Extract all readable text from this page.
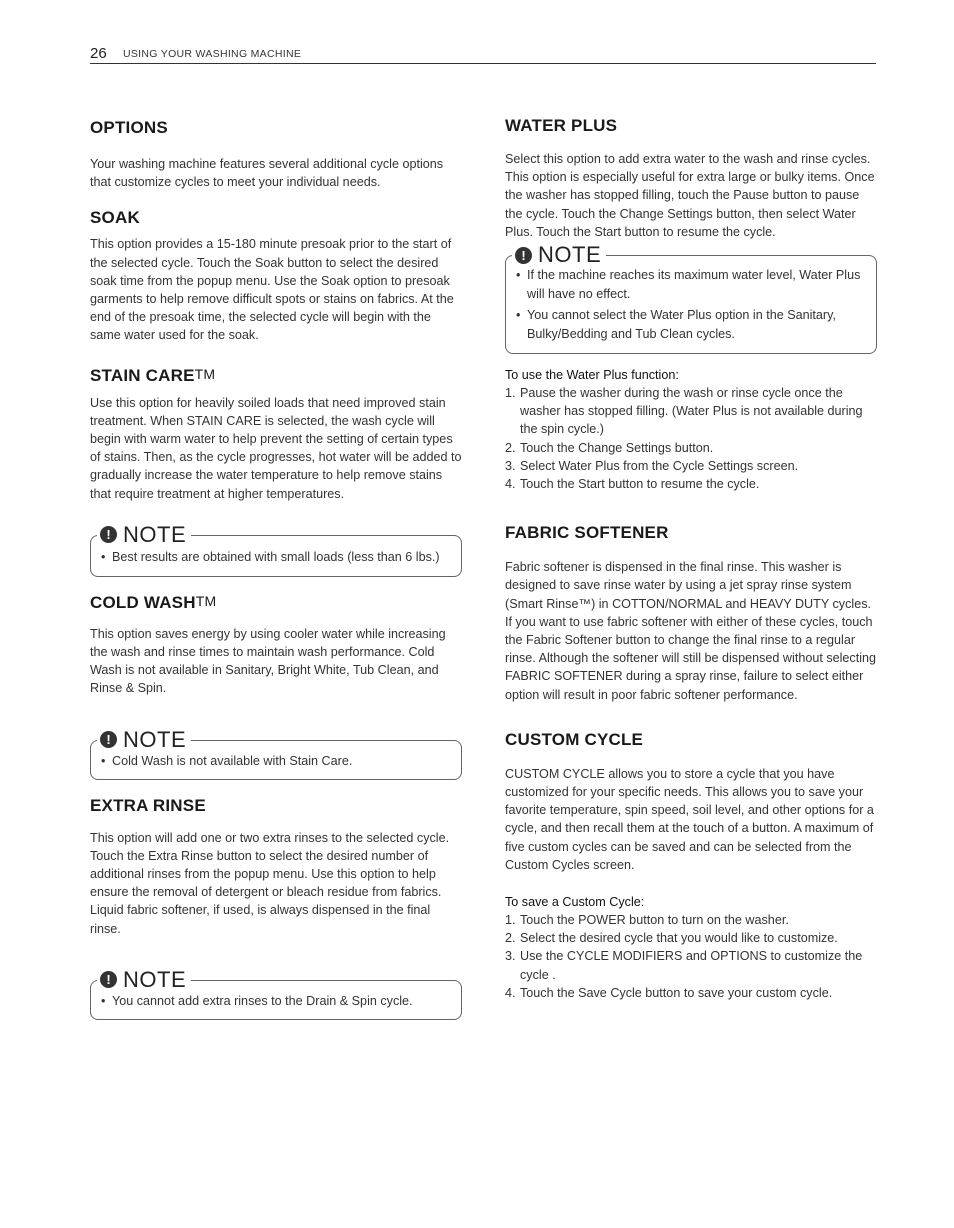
26 USING YOUR WASHING MACHINE
OPTIONS

Your washing machine features several additional cycle options that customize cycles to meet your individual needs.

SOAK

This option provides a 15-180 minute presoak prior to the start of the selected cycle. Touch the Soak button to select the desired soak time from the popup menu. Use the Soak option to presoak garments to help remove difficult spots or stains on fabrics. At the end of the presoak time, the selected cycle will begin with the same water used for the soak.

STAIN CARETM

Use this option for heavily soiled loads that need improved stain treatment. When STAIN CARE is selected, the wash cycle will begin with warm water to help prevent the setting of certain types of stains. Then, as the cycle progresses, hot water will be added to gradually increase the water temperature to help remove stains that require treatment at higher temperatures.

! NOTE
• Best results are obtained with small loads (less than 6 lbs.)
COLD WASHTM

This option saves energy by using cooler water while increasing the wash and rinse times to maintain wash performance. Cold Wash is not available in Sanitary, Bright White, Tub Clean, and Rinse & Spin.

! NOTE
• Cold Wash is not available with Stain Care.
EXTRA RINSE

This option will add one or two extra rinses to the selected cycle.

Touch the Extra Rinse button to select the desired number of additional rinses from the popup menu. Use this option to help ensure the removal of detergent or bleach residue from fabrics. Liquid fabric softener, if used, is always dispensed in the final rinse.

! NOTE
• You cannot add extra rinses to the Drain & Spin cycle.
WATER PLUS

Select this option to add extra water to the wash and rinse cycles. This option is especially useful for extra large or bulky items. Once the washer has stopped filling, touch the Pause button to pause the cycle. Touch the Change Settings button, then select Water Plus. Touch the Start button to resume the cycle.

! NOTE
• If the machine reaches its maximum water level, Water Plus will have no effect.
• You cannot select the Water Plus option in the Sanitary, Bulky/Bedding and Tub Clean cycles.
To use the Water Plus function:
1. Pause the washer during the wash or rinse cycle once the washer has stopped filling. (Water Plus is not available during the spin cycle.)
2. Touch the Change Settings button.
3. Select Water Plus from the Cycle Settings screen.
4. Touch the Start button to resume the cycle.
FABRIC SOFTENER

Fabric softener is dispensed in the final rinse. This washer is designed to save rinse water by using a jet spray rinse system (Smart Rinse™) in COTTON/NORMAL and HEAVY DUTY cycles. If you want to use fabric softener with either of these cycles, touch the Fabric Softener button to change the final rinse to a regular rinse. Although the softener will still be dispensed without selecting FABRIC SOFTENER during a spray rinse, failure to select either option will result in poor fabric softener performance.

CUSTOM CYCLE

CUSTOM CYCLE allows you to store a cycle that you have customized for your specific needs. This allows you to save your favorite temperature, spin speed, soil level, and other options for a cycle, and then recall them at the touch of a button. A maximum of five custom cycles can be saved and can be selected from the Custom Cycles screen.

To save a Custom Cycle:
1. Touch the POWER button to turn on the washer.
2. Select the desired cycle that you would like to customize.
3. Use the CYCLE MODIFIERS and OPTIONS to customize the cycle .
4. Touch the Save Cycle button to save your custom cycle.
